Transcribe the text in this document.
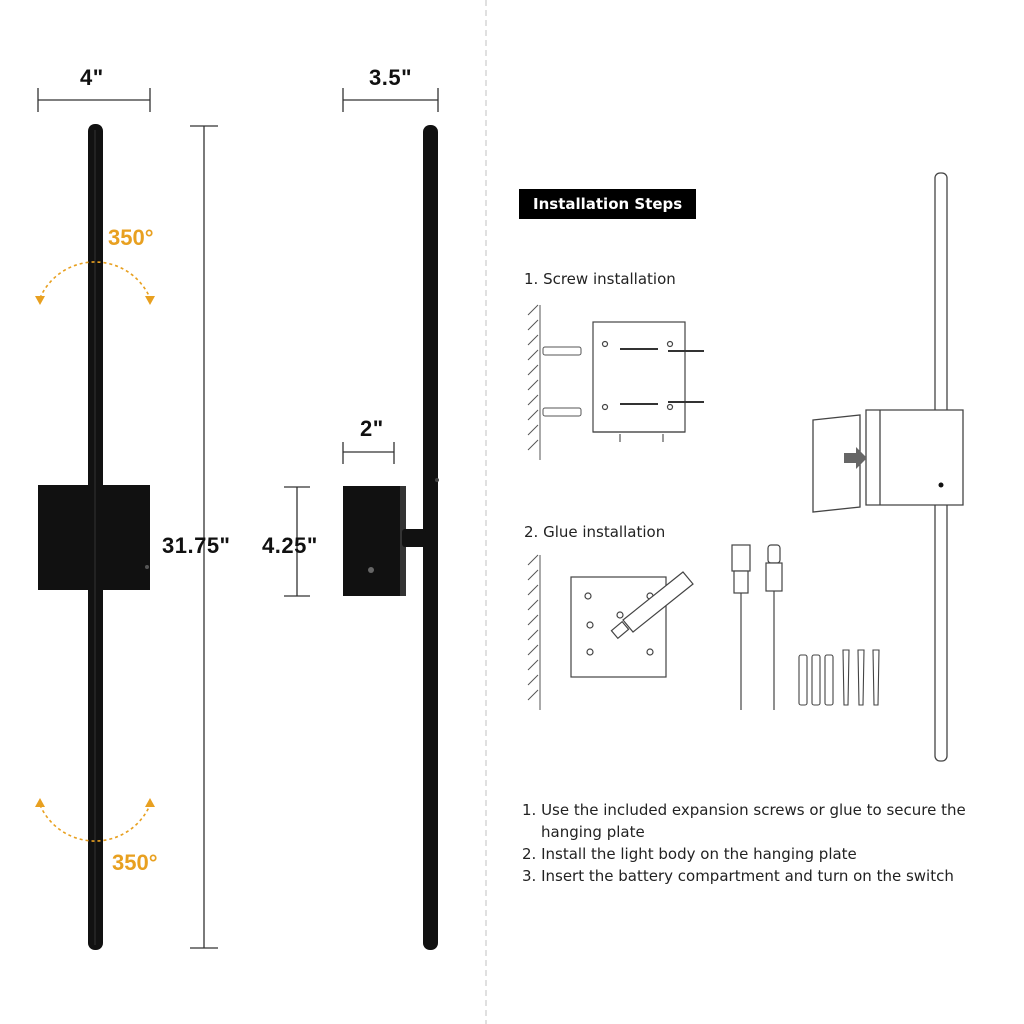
4"	3.5"
31.75"
2"
4.25"
350°
350°
Installation Steps
1. Screw installation
2. Glue installation
1. Use the included expansion screws or glue to secure the
hanging plate
2. Install the light body on the hanging plate
3. Insert the battery compartment and turn on the switch
